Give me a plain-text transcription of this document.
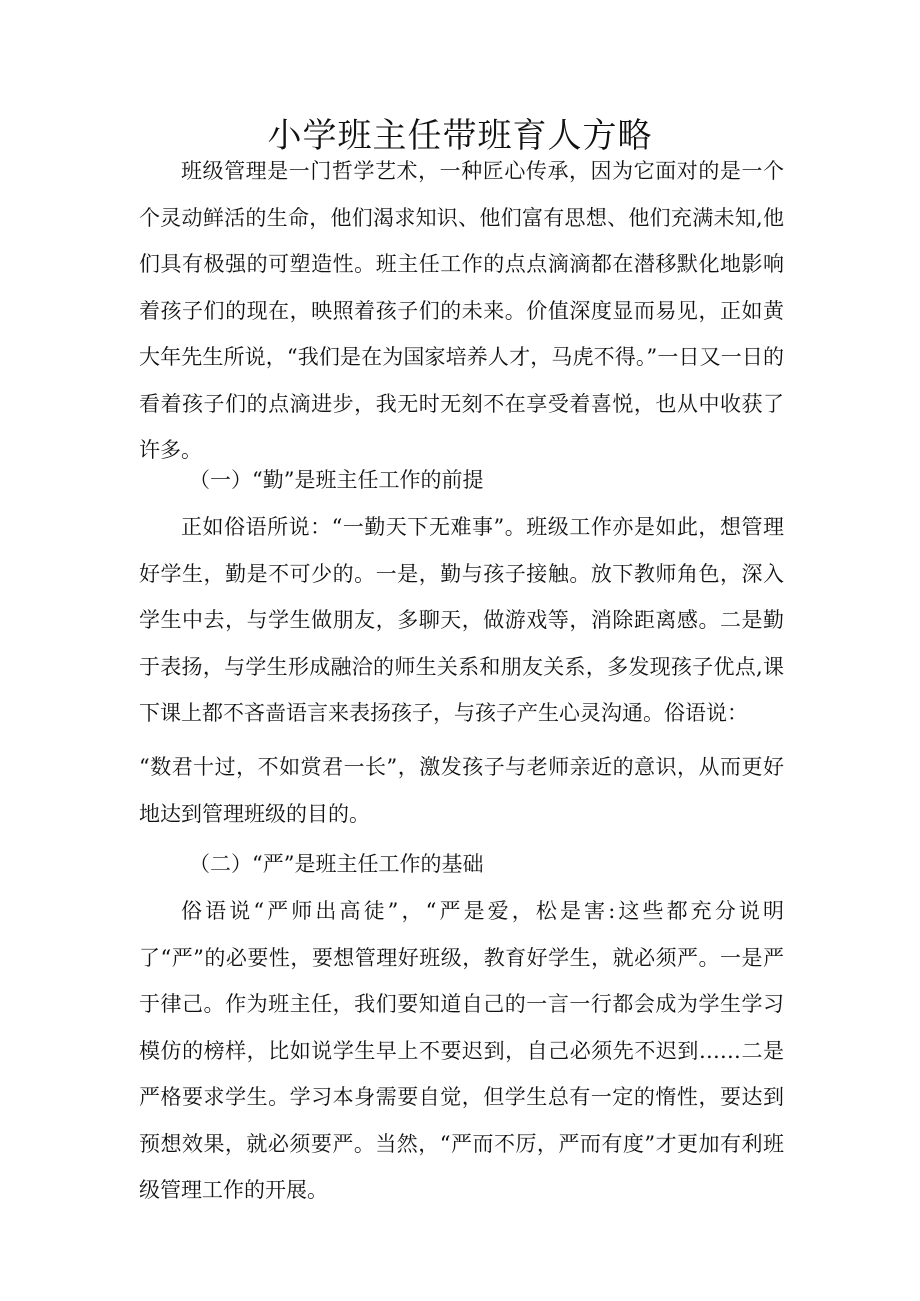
小学班主任带班育人方略

班级管理是一门哲学艺术，一种匠心传承，因为它面对的是一个个灵动鲜活的生命，他们渴求知识、他们富有思想、他们充满未知,他们具有极强的可塑造性。班主任工作的点点滴滴都在潜移默化地影响着孩子们的现在，映照着孩子们的未来。价值深度显而易见，正如黄大年先生所说，“我们是在为国家培养人才，马虎不得。”一日又一日的看着孩子们的点滴进步，我无时无刻不在享受着喜悦，也从中收获了许多。

（一）“勤”是班主任工作的前提

正如俗语所说：“一勤天下无难事”。班级工作亦是如此，想管理好学生，勤是不可少的。一是，勤与孩子接触。放下教师角色，深入学生中去，与学生做朋友，多聊天，做游戏等，消除距离感。二是勤于表扬，与学生形成融洽的师生关系和朋友关系，多发现孩子优点,课下课上都不吝啬语言来表扬孩子，与孩子产生心灵沟通。俗语说：

“数君十过，不如赏君一长”，激发孩子与老师亲近的意识，从而更好地达到管理班级的目的。

（二）“严”是班主任工作的基础

俗语说“严师出高徒”，“严是爱，松是害:这些都充分说明了“严”的必要性，要想管理好班级，教育好学生，就必须严。一是严于律己。作为班主任，我们要知道自己的一言一行都会成为学生学习模仿的榜样，比如说学生早上不要迟到，自己必须先不迟到……二是严格要求学生。学习本身需要自觉，但学生总有一定的惰性，要达到预想效果，就必须要严。当然，“严而不厉，严而有度”才更加有利班级管理工作的开展。
